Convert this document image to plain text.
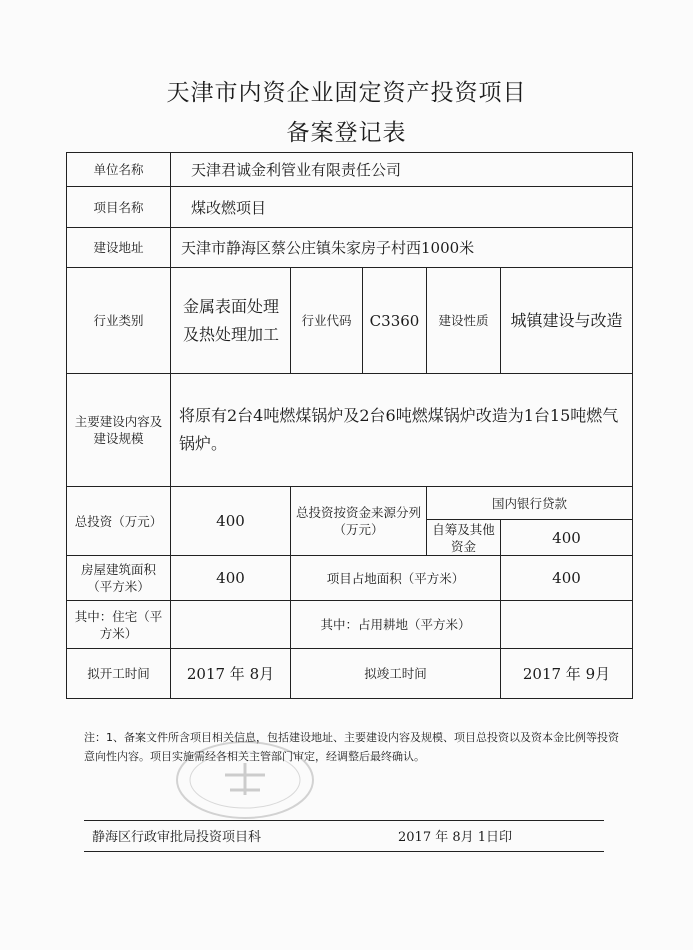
天津市内资企业固定资产投资项目
备案登记表
单位名称	天津君诚金利管业有限责任公司				
项目名称	煤改燃项目				
建设地址	天津市静海区蔡公庄镇朱家房子村西1000米				
行业类别	金属表面处理及热处理加工	行业代码	C3360	建设性质	城镇建设与改造
主要建设内容及建设规模	将原有2台4吨燃煤锅炉及2台6吨燃煤锅炉改造为1台15吨燃气锅炉。				
总投资（万元）	400	总投资按资金来源分列（万元）		国内银行贷款	
				自筹及其他资金	400
房屋建筑面积（平方米）	400	项目占地面积（平方米）			400
其中：住宅（平方米）		其中：占用耕地（平方米）			
拟开工时间	2017 年 8月	拟竣工时间			2017 年 9月
注：1、备案文件所含项目相关信息，包括建设地址、主要建设内容及规模、项目总投资以及资本金比例等投资意向性内容。项目实施需经各相关主管部门审定，经调整后最终确认。
静海区行政审批局投资项目科	2017 年 8月 1日印
